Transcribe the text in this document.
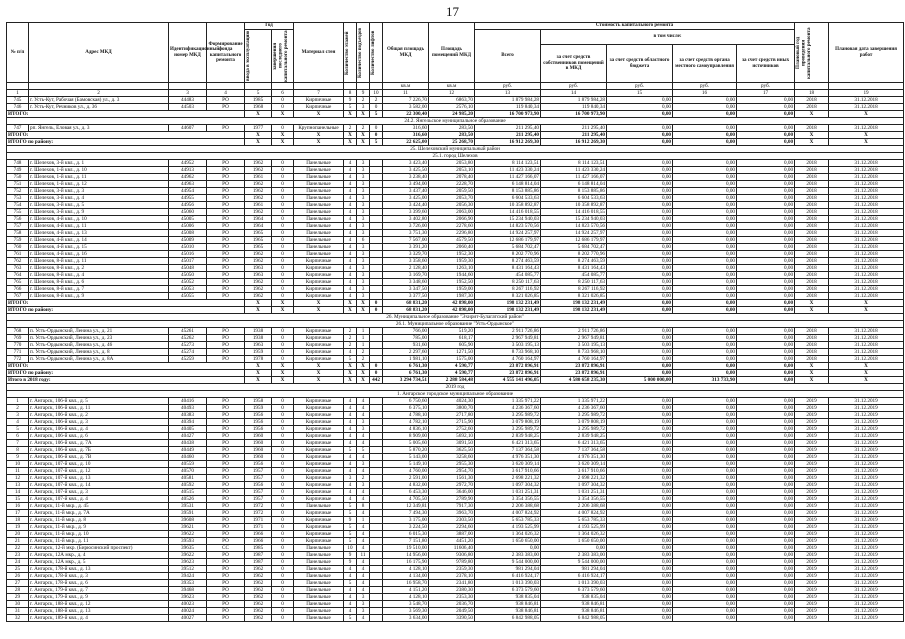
17
№ п/п	Адрес МКД	Идентификационный номер МКД	Формирование фонда капитального ремонта	Год		Материал стен	Количество этажей	Количество подъездов	Количество лифтов	Общая площадь МКД	Площадь помещений МКД	Стоимость капитального ремонта					Плановый год проведения капитального ремонта	Плановая дата завершения работ

				ввода в эксплуатацию	завершения последнего капитального ремонта							Всего	в том числе:					
													за счет средств собственников помещений в МКД	за счет средств областного бюджета	за счет средств органа местного самоуправления	за счет средств иных источников		
										кв.м	кв.м	руб.	руб.	руб.	руб.	руб.		
1	2	3	4	5	6	7	8	9	10	11	12	13	14	15	16	17	18	19
745	г. Усть-Кут, Рабочая (Бамовская) ул., д. 3	44483	РО	1985	0	Кирпичные	9	2	2	7 226,70	6863,70	1 879 984,28	1 879 984,28	0,00	0,00	0,00	2018	31.12.2018
746	г. Усть-Кут, Речников ул., д. 36	44503	РО	1968	0	Кирпичные	5	3	0	3 582,00	2576,10	119 840,34	119 840,34	0,00	0,00	0,00	2018	31.12.2018
ИТОГО:				X	X	X	X	X	5	22 300,40	24 985,20	16 700 973,90	16 700 973,90	0,00	0,00	0,00	X	X
24.2. Янгельское муниципальное образование																		
747	рп. Янгель, Еловая ул., д. 3	44607	РО	1977	0	Крупнопанельные	2	2	0	316,60	283,50	211 295,40	211 295,40	0,00	0,00	0,00	2018	31.12.2018
ИТОГО:				X	X	X	X	X	0	316,60	283,50	211 295,40	211 295,40	0,00	0,00	0,00	X	X
ИТОГО по району:				X	X	X	X	X	5	22 625,00	25 268,70	16 912 269,30	16 912 269,30	0,00	0,00	0,00	X	X
25. Шелеховский муниципальный район																		
25.1. город Шелехов																		
748	г. Шелехов, 3-й квл., д. 1	44952	РО	1962	0	Панельные	4	3		3 423,40	2053,80	8 114 123,51	8 114 123,51	0,00	0,00	0,00	2018	31.12.2018
749	г. Шелехов, 1-й квл., д. 10	44913	РО	1962	0	Панельные	4	3		3 425,50	2053,10	11 423 330,24	11 423 330,24	0,00	0,00	0,00	2018	31.12.2018
750	г. Шелехов, 1-й квл., д. 11	44962	РО	1961	0	Панельные	4	3		3 238,40	2078,40	11 427 166,07	11 427 166,07	0,00	0,00	0,00	2018	31.12.2018
751	г. Шелехов, 1-й квл., д. 12	44963	РО	1962	0	Панельные	4	3		3 494,00	2228,70	6 148 814,04	6 148 814,04	0,00	0,00	0,00	2018	31.12.2018
752	г. Шелехов, 3-й квл., д. 3	44954	РО	1962	0	Панельные	4	3		3 437,40	2059,50	8 153 885,86	8 153 885,86	0,00	0,00	0,00	2018	31.12.2018
753	г. Шелехов, 3-й квл., д. 4	44955	РО	1962	0	Панельные	4	3		3 425,00	2053,70	6 604 533,63	6 604 533,63	0,00	0,00	0,00	2018	31.12.2018
754	г. Шелехов, 3-й квл., д. 5	44956	РО	1961	0	Панельные	4	3		3 424,40	2056,30	10 358 892,87	10 358 892,87	0,00	0,00	0,00	2018	31.12.2018
755	г. Шелехов, 3-й квл., д. 9	45060	РО	1962	0	Панельные	4	3		3 399,60	2063,00	14 416 018,55	14 416 018,55	0,00	0,00	0,00	2018	31.12.2018
756	г. Шелехов, 4-й квл., д. 10	45005	РО	1964	0	Панельные	4	3		3 402,80	2066,90	15 234 940,03	15 234 940,03	0,00	0,00	0,00	2018	31.12.2018
757	г. Шелехов, 4-й квл., д. 11	45006	РО	1964	0	Панельные	4	3		3 726,00	2278,60	14 823 570,56	14 823 570,56	0,00	0,00	0,00	2018	31.12.2018
758	г. Шелехов, 4-й квл., д. 13	45008	РО	1965	0	Панельные	4	3		3 751,30	2296,80	14 924 257,97	14 924 257,97	0,00	0,00	0,00	2018	31.12.2018
759	г. Шелехов, 4-й квл., д. 14	45009	РО	1965	0	Панельные	4	6		7 567,00	4579,50	12 686 179,97	12 686 179,97	0,00	0,00	0,00	2018	31.12.2018
760	г. Шелехов, 4-й квл., д. 15	45010	РО	1965	0	Панельные	4	3		3 391,20	2060,40	5 684 702,47	5 684 702,47	0,00	0,00	0,00	2018	31.12.2018
761	г. Шелехов, 4-й квл., д. 16	45016	РО	1962	0	Панельные	4	3		3 329,70	1952,30	8 202 770,96	8 202 770,96	0,00	0,00	0,00	2018	31.12.2018
762	г. Шелехов, 8-й квл., д. 11	45017	РО	1962	0	Кирпичные	4	3		3 358,60	1959,30	8 274 463,59	8 274 463,59	0,00	0,00	0,00	2018	31.12.2018
763	г. Шелехов, 8-й квл., д. 2	45048	РО	1963	0	Кирпичные	4	3		2 128,40	1263,10	8 431 164,43	8 431 164,43	0,00	0,00	0,00	2018	31.12.2018
764	г. Шелехов, 8-й квл., д. 4	45050	РО	1963	0	Кирпичные	4	3		3 169,70	1944,60	454 085,77	454 085,77	0,00	0,00	0,00	2018	31.12.2018
765	г. Шелехов, 8-й квл., д. 6	45052	РО	1962	0	Кирпичные	4	3		3 348,60	1952,50	8 250 117,63	8 250 117,63	0,00	0,00	0,00	2018	31.12.2018
766	г. Шелехов, 8-й квл., д. 7	45053	РО	1962	0	Кирпичные	4	3		3 347,50	1959,00	8 267 116,92	8 267 116,92	0,00	0,00	0,00	2018	31.12.2018
767	г. Шелехов, 8-й квл., д. 9	45055	РО	1962	0	Кирпичные	4	3		3 377,50	1987,30	8 321 026,85	8 321 026,85	0,00	0,00	0,00	2018	31.12.2018
ИТОГО:				X	X	X	X	X	0	68 831,20	42 898,00	198 132 231,49	198 132 231,49	0,00	0,00	0,00	X	X
ИТОГО по району:				X	X	X	X	X	0	68 831,20	42 898,00	198 132 231,49	198 132 231,49	0,00	0,00	0,00	X	X
26. Муниципальное образование "Эхирит-Булагатский район"																		
26.1. Муниципальное образование "Усть-Ордынское"																		
768	п. Усть-Ордынский, Ленина ул., д. 21	45261	РО	1938	0	Кирпичные	2	1		766,00	519,20	2 911 726,86	2 911 726,86	0,00	0,00	0,00	2018	31.12.2018
769	п. Усть-Ордынский, Ленина ул., д. 23	45262	РО	1938	0	Кирпичные	2	1		785,00	618,17	2 967 949,81	2 967 949,81	0,00	0,00	0,00	2018	31.12.2018
770	п. Усть-Ордынский, Ленина ул., д. 46	45273	РО	1963	0	Кирпичные	2	1		931,60	605,90	3 503 195,13	3 503 195,13	0,00	0,00	0,00	2018	31.12.2018
771	п. Усть-Ордынский, Ленина ул., д. 8	45274	РО	1959	0	Кирпичные	4	2		2 297,60	1271,50	8 733 968,10	8 733 968,10	0,00	0,00	0,00	2018	31.12.2018
772	п. Усть-Ордынский, Ленина ул., д. 8А	45259	РО	1978	0	Кирпичные	5	2		1 981,10	1575,00	4 760 164,97	4 760 164,97	0,00	0,00	0,00	2018	31.12.2018
ИТОГО:				X	X	X	X	X	0	6 761,30	4 590,77	23 872 896,91	23 872 896,91	0,00	0,00	0,00	X	X
ИТОГО по району:				X	X	X	X	X	0	6 761,30	4 590,77	23 872 896,91	23 872 896,91	0,00	0,00	0,00	X	X
Итого в 2018 году:				X	X	X	X	X	442	3 294 734,51	2 288 584,48	4 555 141 496,05	4 580 658 235,30	5 000 000,00	313 733,90	0,00	X	X
2019 год																		
1. Ангарское городское муниципальное образование																		
1	г. Ангарск, 106-й квл., д. 5	40416	РО	1958	0	Кирпичные	4	4		6 750,60	4024,30	1 335 971,22	1 335 971,22	0,00	0,00	0,00	2019	31.12.2019
2	г. Ангарск, 106-й квл., д. 11	40493	РО	1959	0	Кирпичные	4	4		6 375,10	3800,70	4 236 367,60	4 236 367,60	0,00	0,00	0,00	2019	31.12.2019
3	г. Ангарск, 106-й квл., д. 2	40383	РО	1956	0	Кирпичные	4	4		4 788,10	2717,80	3 295 989,72	3 295 989,72	0,00	0,00	0,00	2019	31.12.2019
4	г. Ангарск, 106-й квл., д. 3	40394	РО	1956	0	Кирпичные	4	3		4 782,10	2715,90	3 079 808,19	3 079 808,19	0,00	0,00	0,00	2019	31.12.2019
5	г. Ангарск, 106-й квл., д. 4	40405	РО	1956	0	Кирпичные	4	3		4 836,10	2752,60	3 295 989,72	3 295 989,72	0,00	0,00	0,00	2019	31.12.2019
6	г. Ангарск, 106-й квл., д. 6	40427	РО	1960	0	Кирпичные	4	4		8 909,00	5692,10	2 839 948,25	2 839 948,25	0,00	0,00	0,00	2019	31.12.2019
7	г. Ангарск, 106-й квл., д. 7А	40438	РО	1960	0	Кирпичные	4	4		5 005,60	3091,50	6 421 313,65	6 421 313,65	0,00	0,00	0,00	2019	31.12.2019
8	г. Ангарск, 106-й квл., д. 7Б	40449	РО	1960	0	Кирпичные	5	5		5 870,20	3625,50	7 137 364,58	7 137 364,58	0,00	0,00	0,00	2019	31.12.2019
9	г. Ангарск, 106-й квл., д. 7В	40460	РО	1960	0	Кирпичные	4	4		5 143,00	3258,60	4 976 351,30	4 976 351,30	0,00	0,00	0,00	2019	31.12.2019
10	г. Ангарск, 107-й квл., д. 10	40559	РО	1956	0	Кирпичные	4	3		5 149,10	2955,30	3 620 309,14	3 620 309,14	0,00	0,00	0,00	2019	31.12.2019
11	г. Ангарск, 107-й квл., д. 12	40570	РО	1957	0	Кирпичные	4	4		4 760,00	2954,70	3 617 910,66	3 617 910,66	0,00	0,00	0,00	2019	31.12.2019
12	г. Ангарск, 107-й квл., д. 13	40581	РО	1957	0	Кирпичные	3	2		2 591,00	1561,30	2 698 221,32	2 698 221,32	0,00	0,00	0,00	2019	31.12.2019
13	г. Ангарск, 107-й квл., д. 14	40592	РО	1956	0	Кирпичные	4	3		4 832,00	2972,70	1 097 304,32	1 097 304,32	0,00	0,00	0,00	2019	31.12.2019
14	г. Ангарск, 107-й квл., д. 3	40515	РО	1957	0	Кирпичные	4	4		6 453,30	3646,00	1 031 251,31	1 031 251,31	0,00	0,00	0,00	2019	31.12.2019
15	г. Ангарск, 107-й квл., д. 4	40526	РО	1957	0	Кирпичные	4	4		4 705,50	2789,90	3 354 356,55	3 354 356,55	0,00	0,00	0,00	2019	31.12.2019
16	г. Ангарск, 11-й мкр., д. 45	39531	РО	1972	0	Панельные	5	8		12 349,81	7917,30	2 206 388,68	2 206 388,68	0,00	0,00	0,00	2019	31.12.2019
17	г. Ангарск, 11-й мкр., д. 7А	39591	РО	1972	0	Кирпичные	5	4		7 494,30	3963,70	4 007 824,92	4 007 824,92	0,00	0,00	0,00	2019	31.12.2019
18	г. Ангарск, 11-й мкр., д. 8	39608	РО	1971	0	Кирпичные	9	1		3 175,00	2303,50	5 653 785,33	5 653 785,33	0,00	0,00	0,00	2019	31.12.2019
19	г. Ангарск, 11-й мкр., д. 9	39621	РО	1971	0	Кирпичные	5	4		3 224,50	2294,60	4 193 525,99	4 193 525,99	0,00	0,00	0,00	2019	31.12.2019
20	г. Ангарск, 11-й мкр., д. 10	39622	РО	1966	0	Кирпичные	5	4		6 015,30	3887,00	1 364 026,32	1 364 026,32	0,00	0,00	0,00	2019	31.12.2019
21	г. Ангарск, 11-й мкр., д. 11	39593	РО	1966	0	Кирпичные	5	4		7 151,80	4451,20	1 650 650,00	1 650 650,00	0,00	0,00	0,00	2019	31.12.2019
22	г. Ангарск, 12-й мкр. (Бирюсинский проспект)	39635	СС	1985	0	Панельные	10	4		19 510,00	11606,40	0,00	0,00	0,00	0,00	0,00	2019	31.12.2019
23	г. Ангарск, 12А мкр., д. 4	39622	РО	1987	0	Панельные	9	11		14 956,00	9306,80	2 383 383,00	2 383 383,00	0,00	0,00	0,00	2019	31.12.2019
24	г. Ангарск, 12А мкр., д. 5	39623	РО	1987	0	Панельные	9	4		16 175,90	9789,80	9 544 000,00	9 544 000,00	0,00	0,00	0,00	2019	31.12.2019
25	г. Ангарск, 178-й квл., д. 13	39512	РО	1962	0	Панельные	4	4		4 128,10	2359,30	981 294,04	981 294,04	0,00	0,00	0,00	2019	31.12.2019
26	г. Ангарск, 178-й квл., д. 3	39424	РО	1962	0	Панельные	4	4		4 134,00	2378,10	6 416 924,17	6 416 924,17	0,00	0,00	0,00	2019	31.12.2019
27	г. Ангарск, 178-й квл., д. 6	39353	РО	1962	0	Панельные	5	4		16 958,70	2341,80	1 013 390,03	1 013 390,03	0,00	0,00	0,00	2019	31.12.2019
28	г. Ангарск, 179-й квл., д. 7	39468	РО	1962	0	Панельные	4	4		4 151,20	2380,30	6 373 579,60	6 373 579,60	0,00	0,00	0,00	2019	31.12.2019
29	г. Ангарск, 179-й квл., д. 9	39623	РО	1962	0	Панельные	4	3		4 128,10	2353,30	938 835,04	938 835,04	0,00	0,00	0,00	2019	31.12.2019
30	г. Ангарск, 188-й квл., д. 12	40023	РО	1962	0	Панельные	4	3		3 548,70	2036,70	938 846,81	938 846,81	0,00	0,00	0,00	2019	31.12.2019
31	г. Ангарск, 188-й квл., д. 13	40024	РО	1962	0	Панельные	4	3		3 569,30	2049,50	938 846,81	938 846,81	0,00	0,00	0,00	2019	31.12.2019
32	г. Ангарск, 189-й квл., д. 4	40027	РО	1962	0	Панельные	5	4		3 634,00	3390,50	6 842 988,05	6 842 988,05	0,00	0,00	0,00	2019	31.12.2019
